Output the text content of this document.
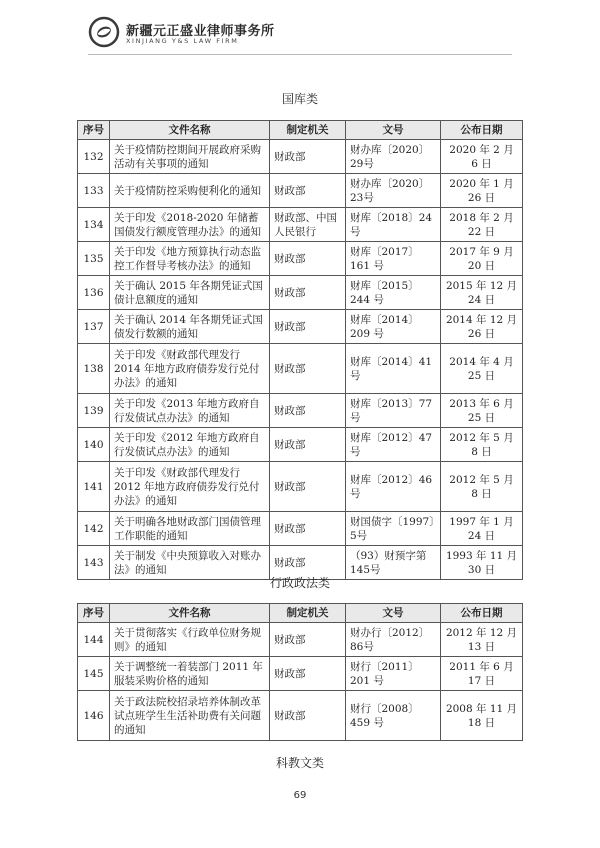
新疆元正盛业律师事务所
XINJIANG Y&S LAW FIRM
国库类
序号	文件名称	制定机关	文号	公布日期
132	关于疫情防控期间开展政府采购活动有关事项的通知	财政部	财办库〔2020〕29号	2020 年 2 月 6 日
133	关于疫情防控采购便利化的通知	财政部	财办库〔2020〕23号	2020 年 1 月 26 日
134	关于印发《2018-2020 年储蓄国债发行额度管理办法》的通知	财政部、中国人民银行	财库〔2018〕24 号	2018 年 2 月 22 日
135	关于印发《地方预算执行动态监控工作督导考核办法》的通知	财政部	财库〔2017〕161 号	2017 年 9 月 20 日
136	关于确认 2015 年各期凭证式国债计息额度的通知	财政部	财库〔2015〕244 号	2015 年 12 月 24 日
137	关于确认 2014 年各期凭证式国债发行数额的通知	财政部	财库〔2014〕209 号	2014 年 12 月 26 日
138	关于印发《财政部代理发行 2014 年地方政府债券发行兑付办法》的通知	财政部	财库〔2014〕41 号	2014 年 4 月 25 日
139	关于印发《2013 年地方政府自行发债试点办法》的通知	财政部	财库〔2013〕77 号	2013 年 6 月 25 日
140	关于印发《2012 年地方政府自行发债试点办法》的通知	财政部	财库〔2012〕47 号	2012 年 5 月 8 日
141	关于印发《财政部代理发行 2012 年地方政府债券发行兑付办法》的通知	财政部	财库〔2012〕46 号	2012 年 5 月 8 日
142	关于明确各地财政部门国债管理工作职能的通知	财政部	财国债字〔1997〕5号	1997 年 1 月 24 日
143	关于制发《中央预算收入对账办法》的通知	财政部	（93）财预字第 145号	1993 年 11 月 30 日
行政政法类
序号	文件名称	制定机关	文号	公布日期
144	关于贯彻落实《行政单位财务规则》的通知	财政部	财办行〔2012〕86号	2012 年 12 月 13 日
145	关于调整统一着装部门 2011 年服装采购价格的通知	财政部	财行〔2011〕201 号	2011 年 6 月 17 日
146	关于政法院校招录培养体制改革试点班学生生活补助费有关问题的通知	财政部	财行〔2008〕459 号	2008 年 11 月 18 日
科教文类
69
